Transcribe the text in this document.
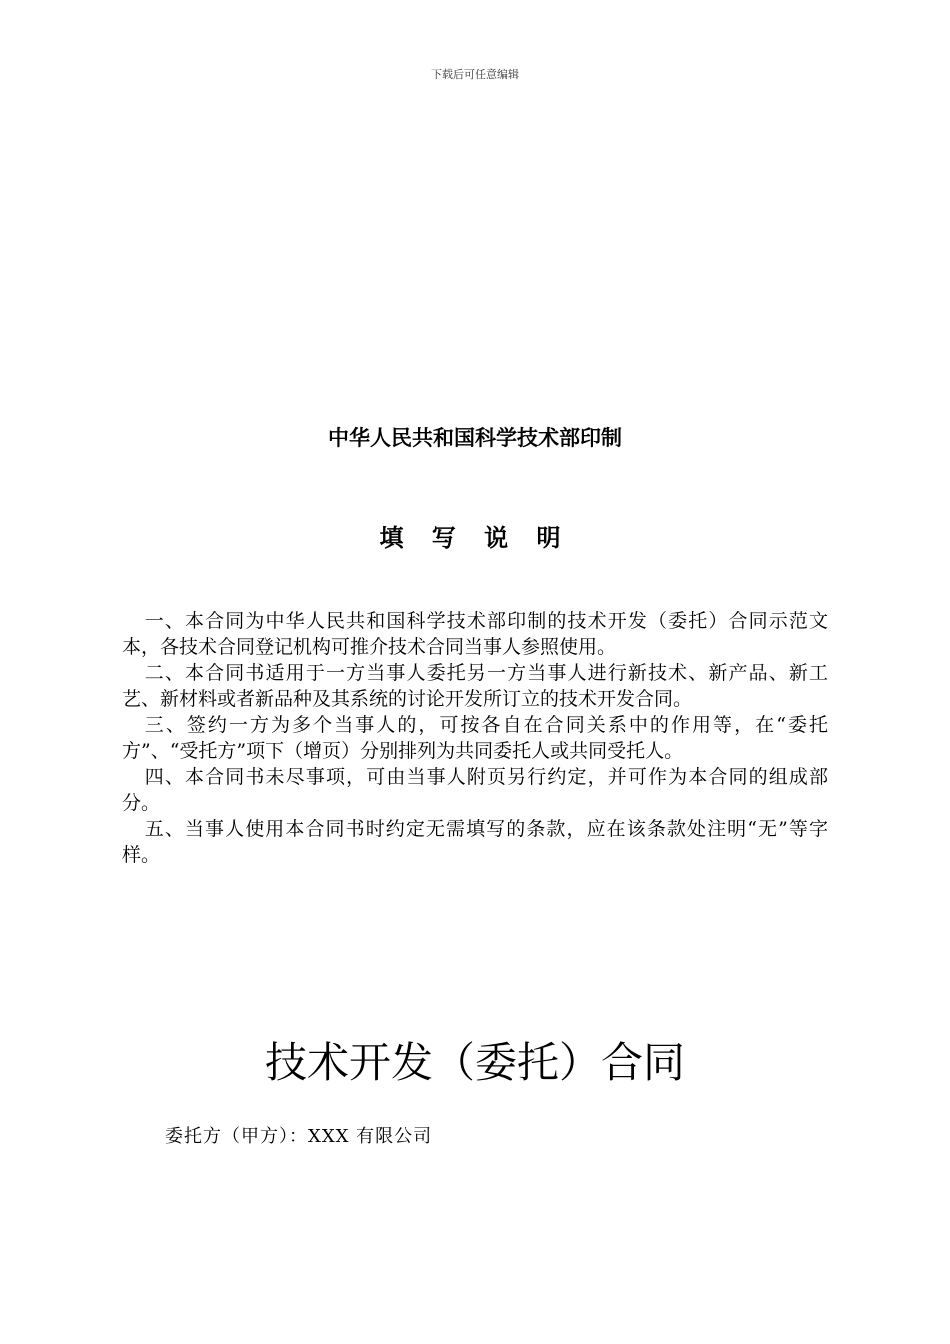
下载后可任意编辑
中华人民共和国科学技术部印制
填 写 说 明

一、本合同为中华人民共和国科学技术部印制的技术开发（委托）合同示范文本，各技术合同登记机构可推介技术合同当事人参照使用。

二、本合同书适用于一方当事人委托另一方当事人进行新技术、新产品、新工艺、新材料或者新品种及其系统的讨论开发所订立的技术开发合同。

三、签约一方为多个当事人的，可按各自在合同关系中的作用等，在“委托方”、“受托方”项下（增页）分别排列为共同委托人或共同受托人。

四、本合同书未尽事项，可由当事人附页另行约定，并可作为本合同的组成部分。

五、当事人使用本合同书时约定无需填写的条款，应在该条款处注明“无”等字样。

技术开发（委托）合同
委托方（甲方）：XXX 有限公司
